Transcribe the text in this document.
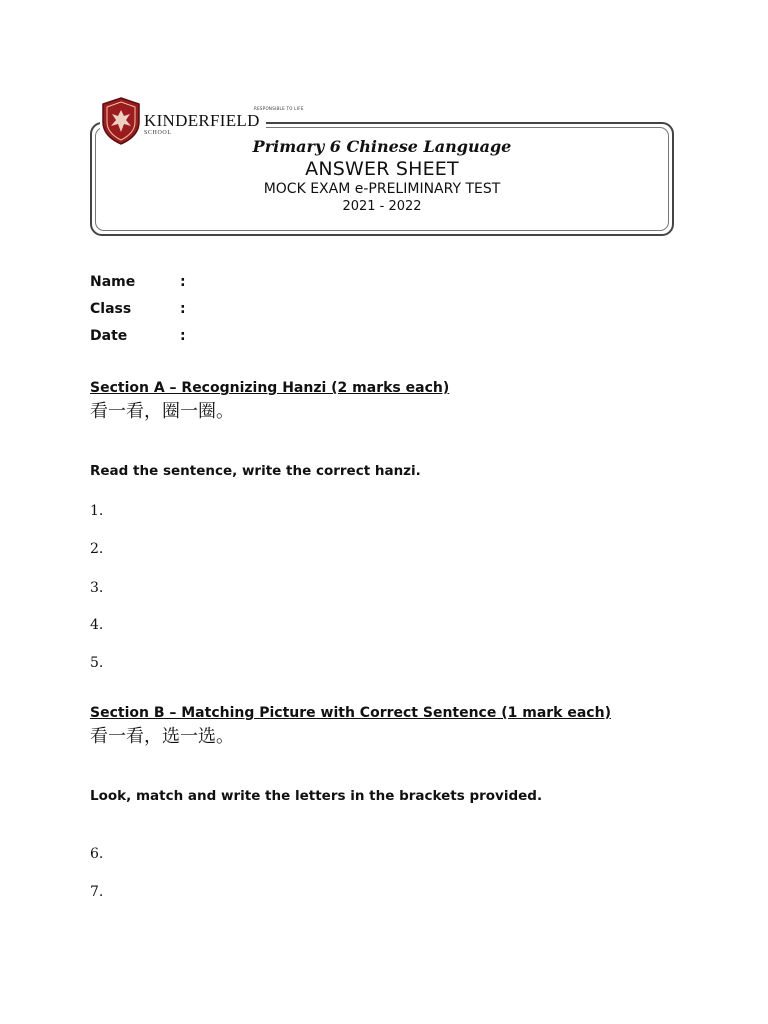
RESPONSIBLE TO LIFE
KINDERFIELD
SCHOOL
Primary 6 Chinese Language
ANSWER SHEET
MOCK EXAM e-PRELIMINARY TEST
2021 - 2022
Name	:
Class	:
Date	:
Section A – Recognizing Hanzi (2 marks each)
看一看，圈一圈。
Read the sentence, write the correct hanzi.
1.
2.
3.
4.
5.
Section B – Matching Picture with Correct Sentence (1 mark each)
看一看，选一选。
Look, match and write the letters in the brackets provided.
6.
7.
